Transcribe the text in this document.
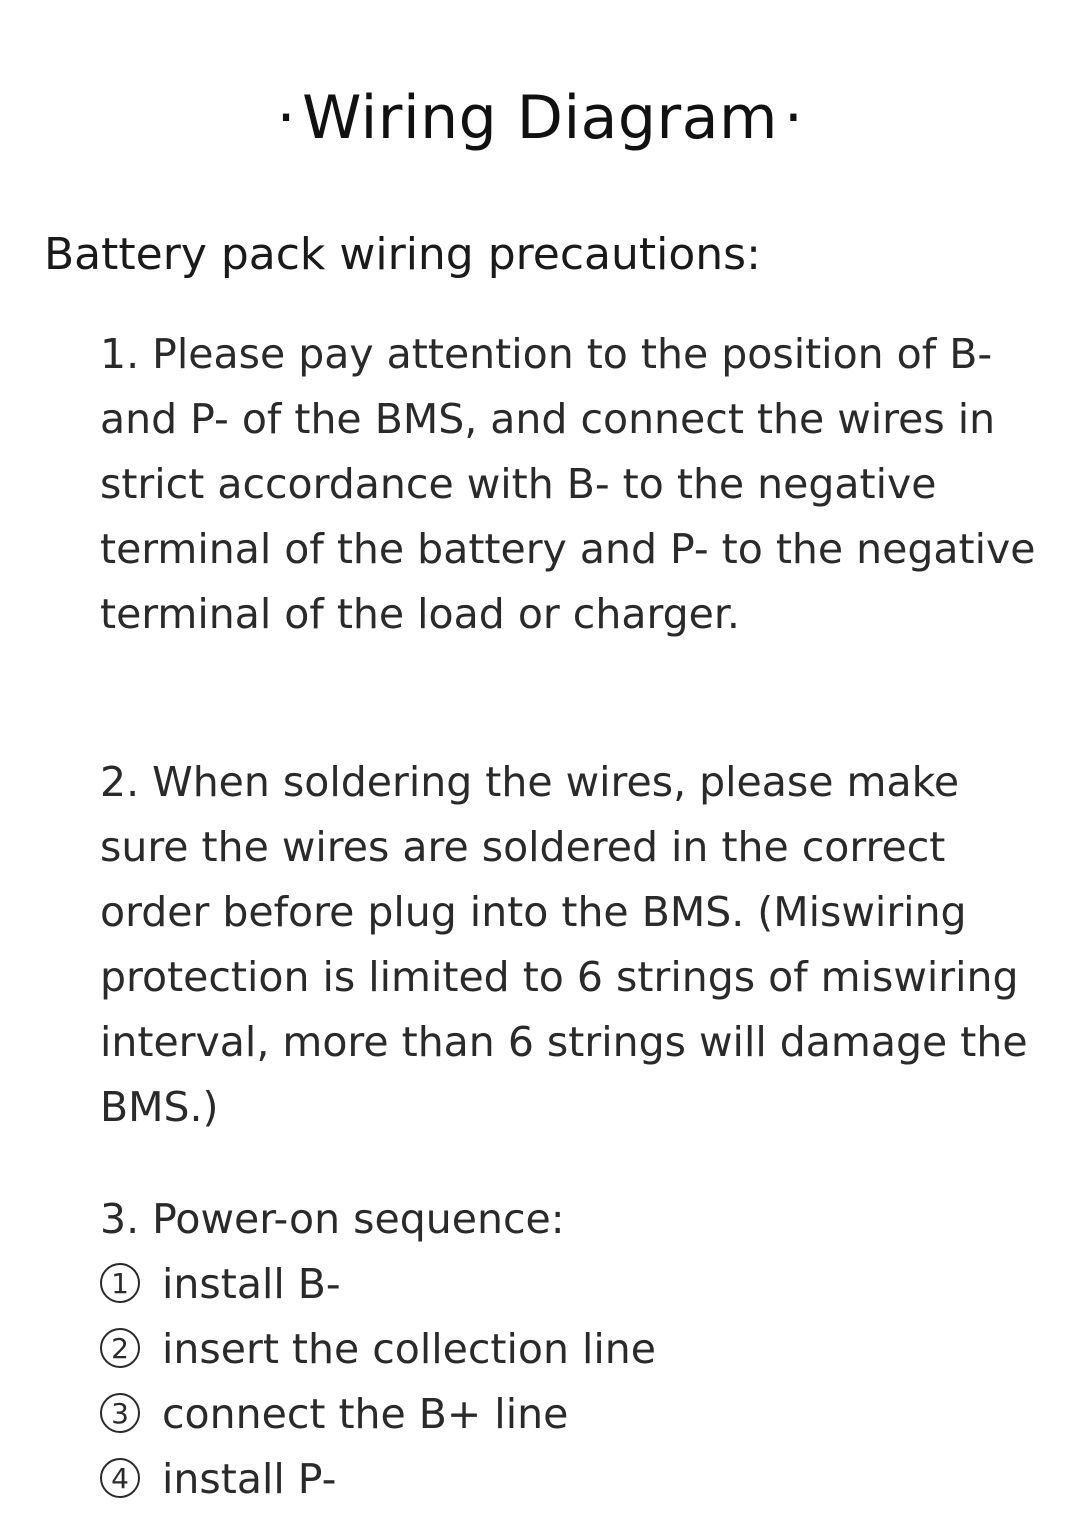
· Wiring Diagram ·
Battery pack wiring precautions:

1. Please pay attention to the position of B- and P- of the BMS, and connect the wires in strict accordance with B- to the negative terminal of the battery and P- to the negative terminal of the load or charger.

2. When soldering the wires, please make sure the wires are soldered in the correct order before plug into the BMS. (Miswiring protection is limited to 6 strings of miswiring interval, more than 6 strings will damage the BMS.)

3. Power-on sequence:

1 install B-
2 insert the collection line
3 connect the B+ line
4 install P-
